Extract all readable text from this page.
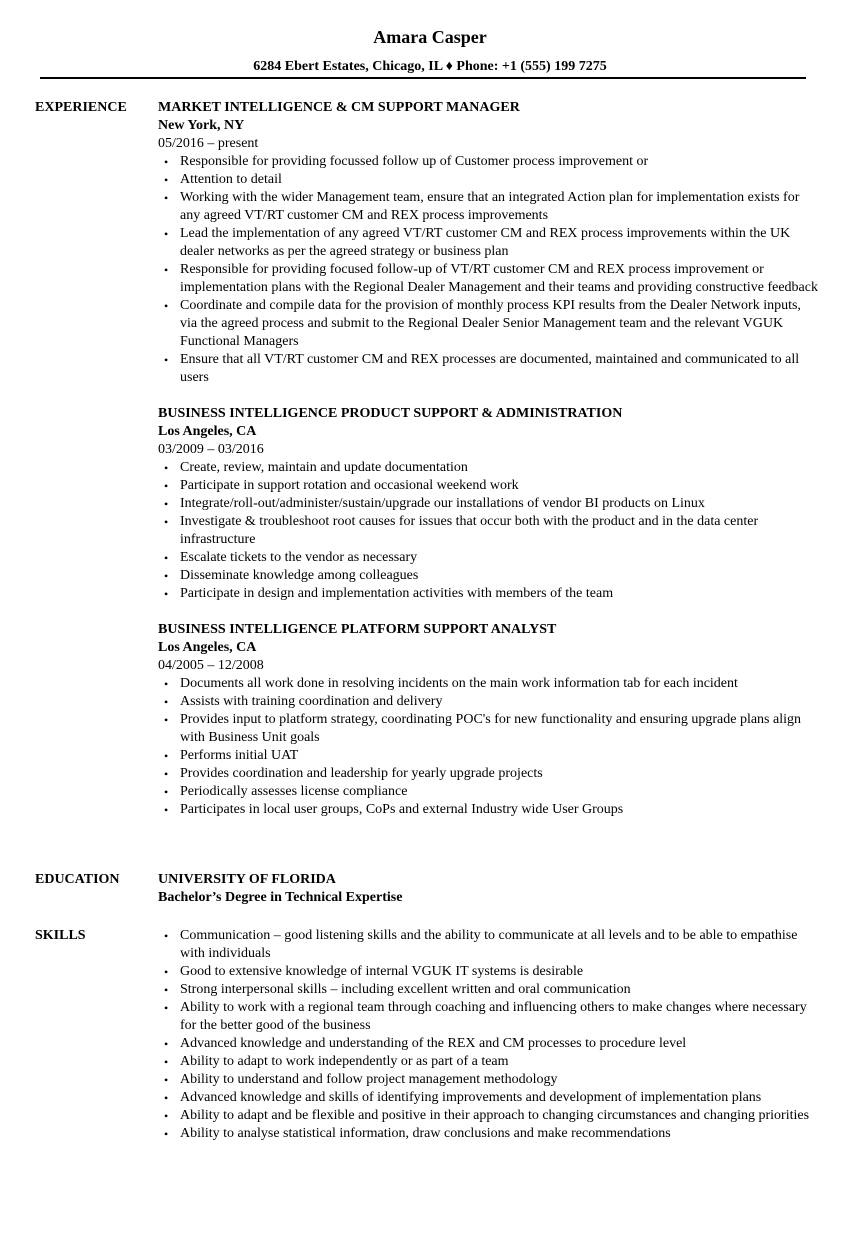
Amara Casper
6284 Ebert Estates, Chicago, IL ♦ Phone: +1 (555) 199 7275
EXPERIENCE MARKET INTELLIGENCE & CM SUPPORT MANAGER
New York, NY
05/2016 – present
• Responsible for providing focussed follow up of Customer process improvement or
• Attention to detail
• Working with the wider Management team, ensure that an integrated Action plan for implementation exists for any agreed VT/RT customer CM and REX process improvements
• Lead the implementation of any agreed VT/RT customer CM and REX process improvements within the UK dealer networks as per the agreed strategy or business plan
• Responsible for providing focused follow-up of VT/RT customer CM and REX process improvement or implementation plans with the Regional Dealer Management and their teams and providing constructive feedback
• Coordinate and compile data for the provision of monthly process KPI results from the Dealer Network inputs, via the agreed process and submit to the Regional Dealer Senior Management team and the relevant VGUK Functional Managers
• Ensure that all VT/RT customer CM and REX processes are documented, maintained and communicated to all users
BUSINESS INTELLIGENCE PRODUCT SUPPORT & ADMINISTRATION
Los Angeles, CA
03/2009 – 03/2016
• Create, review, maintain and update documentation
• Participate in support rotation and occasional weekend work
• Integrate/roll-out/administer/sustain/upgrade our installations of vendor BI products on Linux
• Investigate & troubleshoot root causes for issues that occur both with the product and in the data center infrastructure
• Escalate tickets to the vendor as necessary
• Disseminate knowledge among colleagues
• Participate in design and implementation activities with members of the team
BUSINESS INTELLIGENCE PLATFORM SUPPORT ANALYST
Los Angeles, CA
04/2005 – 12/2008
• Documents all work done in resolving incidents on the main work information tab for each incident
• Assists with training coordination and delivery
• Provides input to platform strategy, coordinating POC's for new functionality and ensuring upgrade plans align with Business Unit goals
• Performs initial UAT
• Provides coordination and leadership for yearly upgrade projects
• Periodically assesses license compliance
• Participates in local user groups, CoPs and external Industry wide User Groups
EDUCATION	UNIVERSITY OF FLORIDA
Bachelor’s Degree in Technical Expertise
SKILLS	• Communication – good listening skills and the ability to communicate at all levels and to be able to empathise with individuals
• Good to extensive knowledge of internal VGUK IT systems is desirable
• Strong interpersonal skills – including excellent written and oral communication
• Ability to work with a regional team through coaching and influencing others to make changes where necessary for the better good of the business
• Advanced knowledge and understanding of the REX and CM processes to procedure level
• Ability to adapt to work independently or as part of a team
• Ability to understand and follow project management methodology
• Advanced knowledge and skills of identifying improvements and development of implementation plans
• Ability to adapt and be flexible and positive in their approach to changing circumstances and changing priorities
• Ability to analyse statistical information, draw conclusions and make recommendations
